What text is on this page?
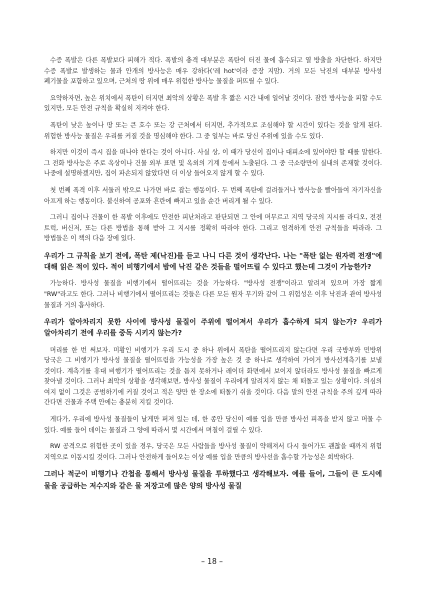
수증 폭발은 다른 폭발보다 피해가 적다. 폭발의 충격 대부분은 폭탄이 터진 물에 흡수되고 열 방출을 차단한다. 하지만 수증 폭발로 발생하는 물과 안개의 방사능은 매우 강하다('레 hot'이라 증장 지맘). 거의 모든 낙진의 대부분 방사성 폐기물을 포함하고 있으며, 근처의 땅 위에 매우 위험한 방사능 물질을 퍼뜨릴 수 있다.

요약하자면, 높은 위치에서 폭탄이 터지면 최악의 상황은 폭발 후 짧은 시간 내에 일어날 것이다. 잠깐 방사능을 피할 수도 있지만, 모든 안전 규칙을 확실히 지켜야 한다.

폭탄이 낮은 높이나 땅 또는 큰 호수 또는 강 근처에서 터지면, 추가적으로 조심해야 할 시간이 있다는 것을 알게 된다. 위험한 방사능 물질은 우리를 커질 것을 명심해야 한다. 그 중 일부는 바로 당신 주위에 있을 수도 있다.

하지만 이것이 즉시 집을 떠나야 한다는 것이 아니다. 사실 상, 이 때가 당신이 집이나 대피소에 있어야만 할 때를 말한다. 그 전화 방사능은 주로 옥상이나 건물 외부 표면 및 옥외의 기계 등에서 노출된다. 그 중 극소량만이 실내의 존재할 것이다. 나중에 설명하겠지만, 집이 파손되지 않았다면 더 이상 들어오지 않게 할 수 있다.

첫 번째 폭격 이후 서둘러 밖으로 나가면 바로 잡는 행동이다. 두 번째 폭탄에 걸려들거나 방사능을 빨아들여 자기자신을 아프게 하는 행동이다. 불신하여 공포와 흔란에 빠지고 있을 순간 버리게 될 수 있다.

그러니 집이나 건물이 한 폭발 이후에도 안전한 피난처라고 판단되면 그 안에 머무르고 지역 당국의 지시를 라디오, 전전 트럭, 버신저, 또는 다른 방법을 통해 받아 그 지시를 정확히 따라야 한다. 그리고 엄격하게 안전 규칙들을 따라라. 그 방법들은 이 책의 다음 장에 있다.

우리가 그 규칙을 보기 전에, 폭탄 제(낙진)를 듣고 나니 다른 것이 생각난다. 나는 "폭탄 없는 원자력 전쟁"에 대해 읽은 적이 있다. 적이 비행기에서 밤에 낙진 같은 것들을 떨어뜨릴 수 있다고 했는데 그것이 가능한가?

가능하다. 방사성 물질을 비행기에서 떨어뜨리는 것을 가능하다. "방사성 전쟁"이라고 알려져 있으며 가장 짧게 "RW"라고도 한다. 그러나 비행기에서 떨어뜨리는 것들은 다른 모든 원자 무기와 같이 그 위험성은 이후 낙진과 관여 방사성 물질과 거의 흡사하다.

우리가 알아차리지 못한 사이에 방사성 물질이 주위에 떨어져서 우리가 흡수하게 되지 않는가? 우리가 알아차리기 전에 우리를 중독 시키지 않는가?

머리를 한 번 써보자. 미황인 비행기가 우리 도시 중 하나 위에서 폭탄을 떨어뜨리지 않는다면 우리 국방부와 민방위 당국은 그 비행기가 방사성 물질을 떨어뜨림을 가능성을 가장 높은 것 중 하나로 생각하여 가이거 방사선계측기를 보낼 것이다. 계측기를 휴대 비행기가 떨어뜨리는 것을 틈지 못하거나 레이더 화면에서 보이지 않더라도 방사성 물질을 빠르게 찾아낼 것이다. 그러나 최악의 상황을 생각해보면, 방사성 물질이 우리에게 알려지지 않는 채 떠돌고 있는 상황이다. 의심의 여지 없이 그것은 공범하기에 커질 것이고 적은 양만 한 장소에 떠돌기 쉬울 것이다. 다음 말의 안전 규칙을 주의 깊게 따라 간다면 건물과 주택 안에는 충분히 지킬 것이다.

게다가, 우리에 방사성 물질들이 날게만 퍼져 있는 데, 한 종안 당신이 예를 입을 만큼 방사선 피폭을 받지 않고 머물 수 있다. 예를 들어 데이는 물질과 그 양에 따라서 몇 시간에서 며칠이 걸릴 수 있다.

RW 공격으로 위험한 곳이 있을 경우, 당국은 모든 사람들을 방사성 물질이 약해져서 다시 들어가도 괜찮을 때까지 위험 지역으로 이동시킬 것이다. 그러나 안전하게 들어오는 이상 예를 입을 만큼의 방사선을 흡수할 가능성은 희박하다.

그러나 적군이 비행기나 간첩을 통해서 방사성 물질을 투하했다고 생각해보자. 예를 들어, 그들이 큰 도시에 물을 공급하는 저수지와 같은 물 저장고에 많은 양의 방사성 물질

– 18 –
